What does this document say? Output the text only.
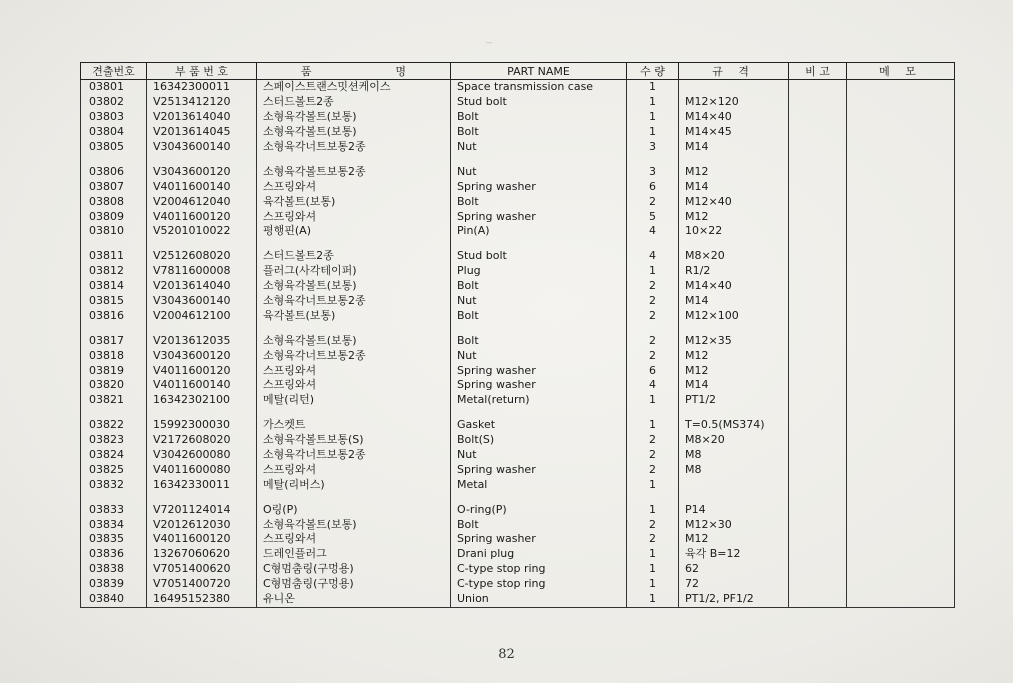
~
견출번호	부 품 번 호	품 명	PART NAME	수 량	규 격	비 고	메 모
03801	16342300011	스페이스트랜스밋션케이스	Space transmission case	1			
03802	V2513412120	스터드볼트2종	Stud bolt	1	M12×120		
03803	V2013614040	소형육각볼트(보통)	Bolt	1	M14×40		
03804	V2013614045	소형육각볼트(보통)	Bolt	1	M14×45		
03805	V3043600140	소형육각너트보통2종	Nut	3	M14		

03806	V3043600120	소형육각볼트보통2종	Nut	3	M12		
03807	V4011600140	스프링와셔	Spring washer	6	M14		
03808	V2004612040	육각볼트(보통)	Bolt	2	M12×40		
03809	V4011600120	스프링와셔	Spring washer	5	M12		
03810	V5201010022	평행핀(A)	Pin(A)	4	10×22		

03811	V2512608020	스터드볼트2종	Stud bolt	4	M8×20		
03812	V7811600008	플러그(사각테이퍼)	Plug	1	R1/2		
03814	V2013614040	소형육각볼트(보통)	Bolt	2	M14×40		
03815	V3043600140	소형육각너트보통2종	Nut	2	M14		
03816	V2004612100	육각볼트(보통)	Bolt	2	M12×100		

03817	V2013612035	소형육각볼트(보통)	Bolt	2	M12×35		
03818	V3043600120	소형육각너트보통2종	Nut	2	M12		
03819	V4011600120	스프링와셔	Spring washer	6	M12		
03820	V4011600140	스프링와셔	Spring washer	4	M14		
03821	16342302100	메탈(리턴)	Metal(return)	1	PT1/2		

03822	15992300030	가스켓트	Gasket	1	T=0.5(MS374)		
03823	V2172608020	소형육각볼트보통(S)	Bolt(S)	2	M8×20		
03824	V3042600080	소형육각너트보통2종	Nut	2	M8		
03825	V4011600080	스프링와셔	Spring washer	2	M8		
03832	16342330011	메탈(리버스)	Metal	1			

03833	V7201124014	O링(P)	O-ring(P)	1	P14		
03834	V2012612030	소형육각볼트(보통)	Bolt	2	M12×30		
03835	V4011600120	스프링와셔	Spring washer	2	M12		
03836	13267060620	드레인플러그	Drani plug	1	육각 B=12		
03838	V7051400620	C형멈춤링(구멍용)	C-type stop ring	1	62		
03839	V7051400720	C형멈춤링(구멍용)	C-type stop ring	1	72		
03840	16495152380	유니온	Union	1	PT1/2, PF1/2		
82
